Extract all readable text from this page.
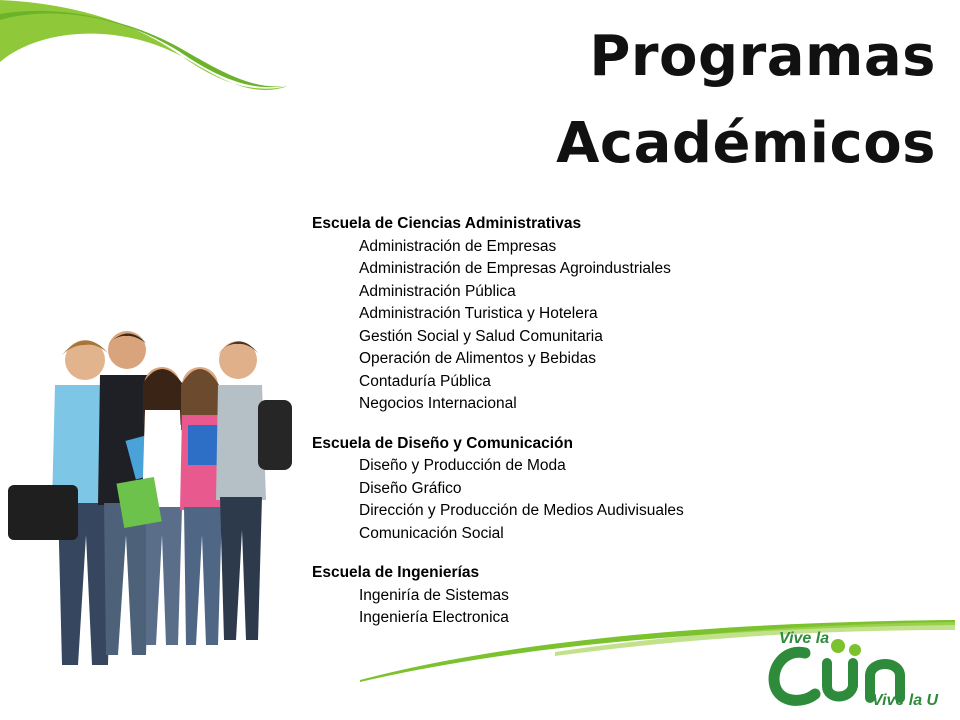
Programas
Académicos

Escuela de Ciencias Administrativas

Administración de Empresas
Administración de Empresas Agroindustriales
Administración Pública
Administración Turistica y Hotelera
Gestión Social y Salud Comunitaria
Operación de Alimentos y Bebidas
Contaduría Pública
Negocios Internacional

Escuela de Diseño y Comunicación

Diseño y Producción de Moda
Diseño Gráfico
Dirección y Producción de Medios Audivisuales
Comunicación Social

Escuela de Ingenierías

Ingeniría de Sistemas
Ingeniería Electronica
Vive la
Vive la U
